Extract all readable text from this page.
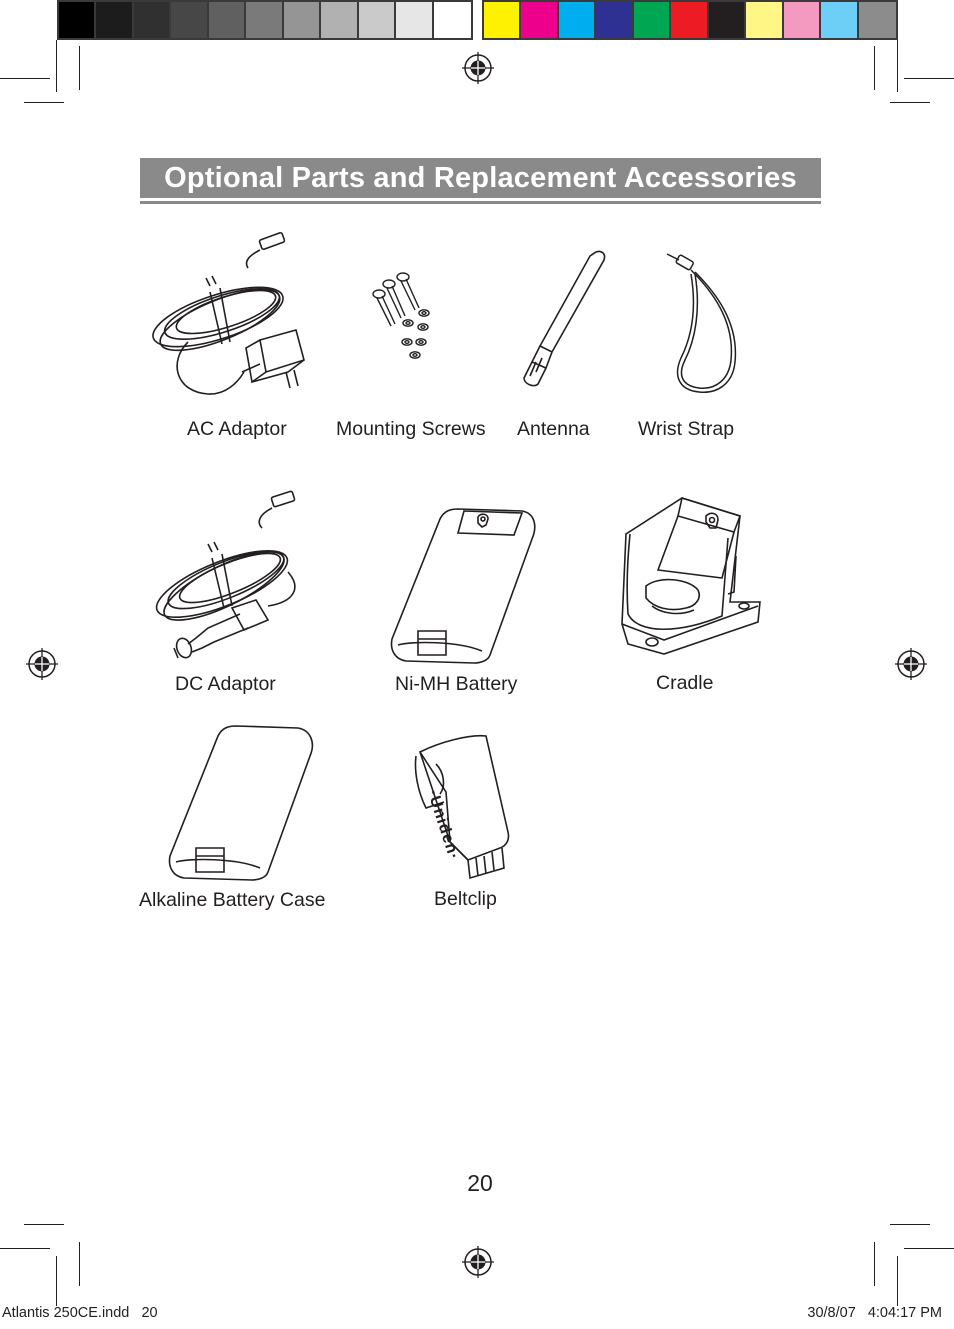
Optional Parts and Replacement Accessories
·Uniden·
AC Adaptor	Mounting Screws Antenna Wrist Strap
DC Adaptor	Ni-MH Battery	Cradle
Alkaline Battery Case	Beltclip
20
Atlantis 250CE.indd   20	30/8/07   4:04:17 PM
